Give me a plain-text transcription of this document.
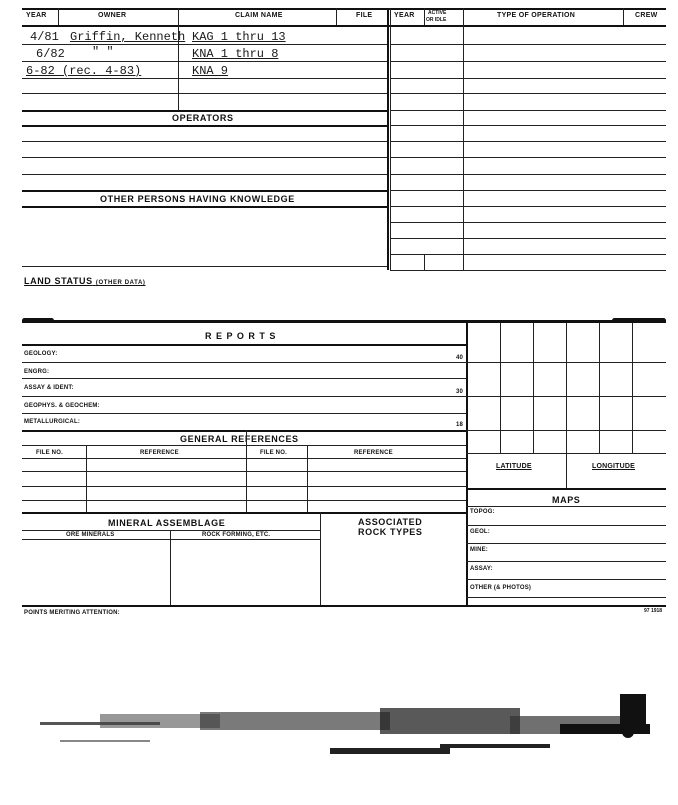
YEAR	OWNER	CLAIM NAME	FILE	YEAR	ACTIVE
OR IDLE
TYPE OF OPERATION	CREW
4/81 Griffin, Kenneth KAG 1 thru 13
6/82 " "	KNA 1 thru 8
6-82 (rec. 4-83)	KNA 9
OPERATORS
OTHER PERSONS HAVING KNOWLEDGE
LAND STATUS (OTHER DATA)
R E P O R T S
GEOLOGY:
40
ENGRG:
ASSAY & IDENT:
30
GEOPHYS. & GEOCHEM:
METALLURGICAL:	18
GENERAL REFERENCES
FILE NO.	REFERENCE	FILE NO.	REFERENCE
MINERAL ASSEMBLAGE
ORE MINERALS	ROCK FORMING, ETC.
ASSOCIATED
ROCK TYPES
LATITUDE	LONGITUDE
MAPS
TOPOG:
GEOL:
MINE:
ASSAY:
OTHER (& PHOTOS)
POINTS MERITING ATTENTION:	97 1918
